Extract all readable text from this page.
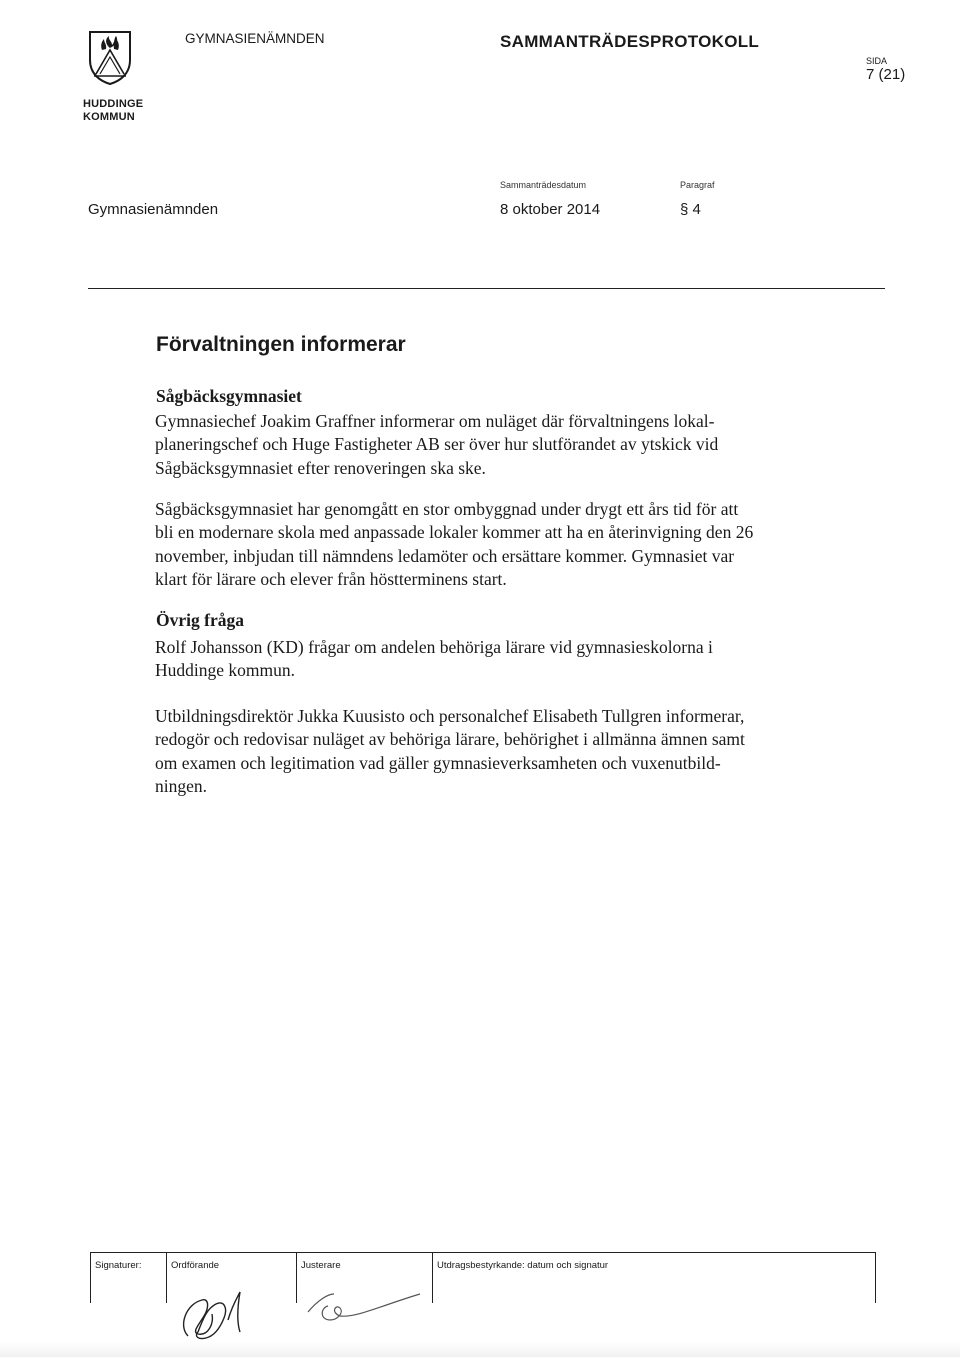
HUDDINGE
KOMMUN
GYMNASIENÄMNDEN	SAMMANTRÄDESPROTOKOLL
SIDA
7 (21)
Gymnasienämnden
Sammanträdesdatum
8 oktober 2014
Paragraf
§ 4
Förvaltningen informerar
Sågbäcksgymnasiet
Gymnasiechef Joakim Graffner informerar om nuläget där förvaltningens lokal-
planeringschef och Huge Fastigheter AB ser över hur slutförandet av ytskick vid
Sågbäcksgymnasiet efter renoveringen ska ske.
Sågbäcksgymnasiet har genomgått en stor ombyggnad under drygt ett års tid för att
bli en modernare skola med anpassade lokaler kommer att ha en återinvigning den 26
november, inbjudan till nämndens ledamöter och ersättare kommer. Gymnasiet var
klart för lärare och elever från höstterminens start.
Övrig fråga
Rolf Johansson (KD) frågar om andelen behöriga lärare vid gymnasieskolorna i
Huddinge kommun.
Utbildningsdirektör Jukka Kuusisto och personalchef Elisabeth Tullgren informerar,
redogör och redovisar nuläget av behöriga lärare, behörighet i allmänna ämnen samt
om examen och legitimation vad gäller gymnasieverksamheten och vuxenutbild-
ningen.
Signaturer:	Ordförande	Justerare	Utdragsbestyrkande: datum och signatur
